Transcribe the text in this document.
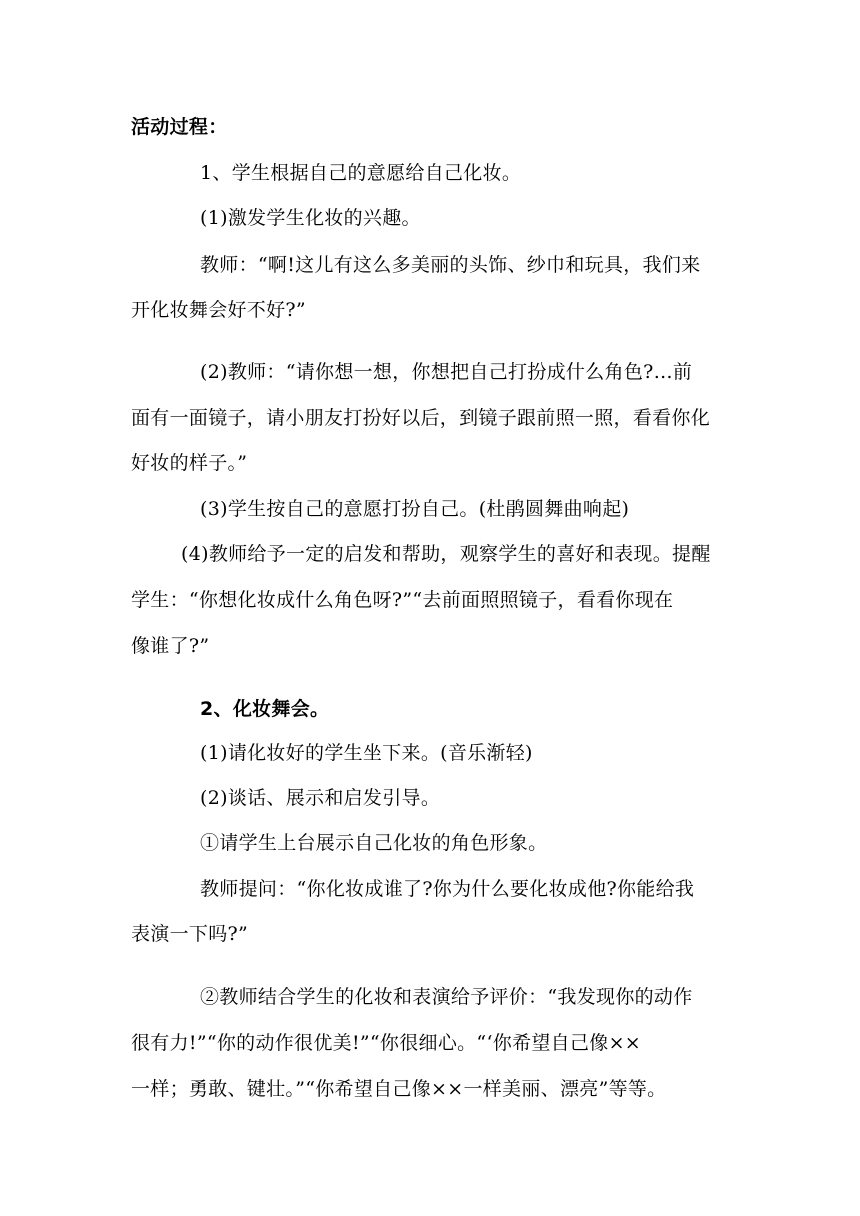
活动过程：
1、学生根据自己的意愿给自己化妆。
(1)激发学生化妆的兴趣。
教师：“啊!这儿有这么多美丽的头饰、纱巾和玩具，我们来
开化妆舞会好不好?”
(2)教师：“请你想一想，你想把自己打扮成什么角色?…前
面有一面镜子，请小朋友打扮好以后，到镜子跟前照一照，看看你化
好妆的样子。”
(3)学生按自己的意愿打扮自己。(杜鹃圆舞曲响起)
(4)教师给予一定的启发和帮助，观察学生的喜好和表现。提醒
学生：“你想化妆成什么角色呀?”“去前面照照镜子，看看你现在
像谁了?”
2、化妆舞会。
(1)请化妆好的学生坐下来。(音乐渐轻)
(2)谈话、展示和启发引导。
①请学生上台展示自己化妆的角色形象。
教师提问：“你化妆成谁了?你为什么要化妆成他?你能给我
表演一下吗?”
②教师结合学生的化妆和表演给予评价：“我发现你的动作
很有力!”“你的动作很优美!”“你很细心。“‘你希望自己像××
一样；勇敢、键壮。”“你希望自己像××一样美丽、漂亮”等等。
